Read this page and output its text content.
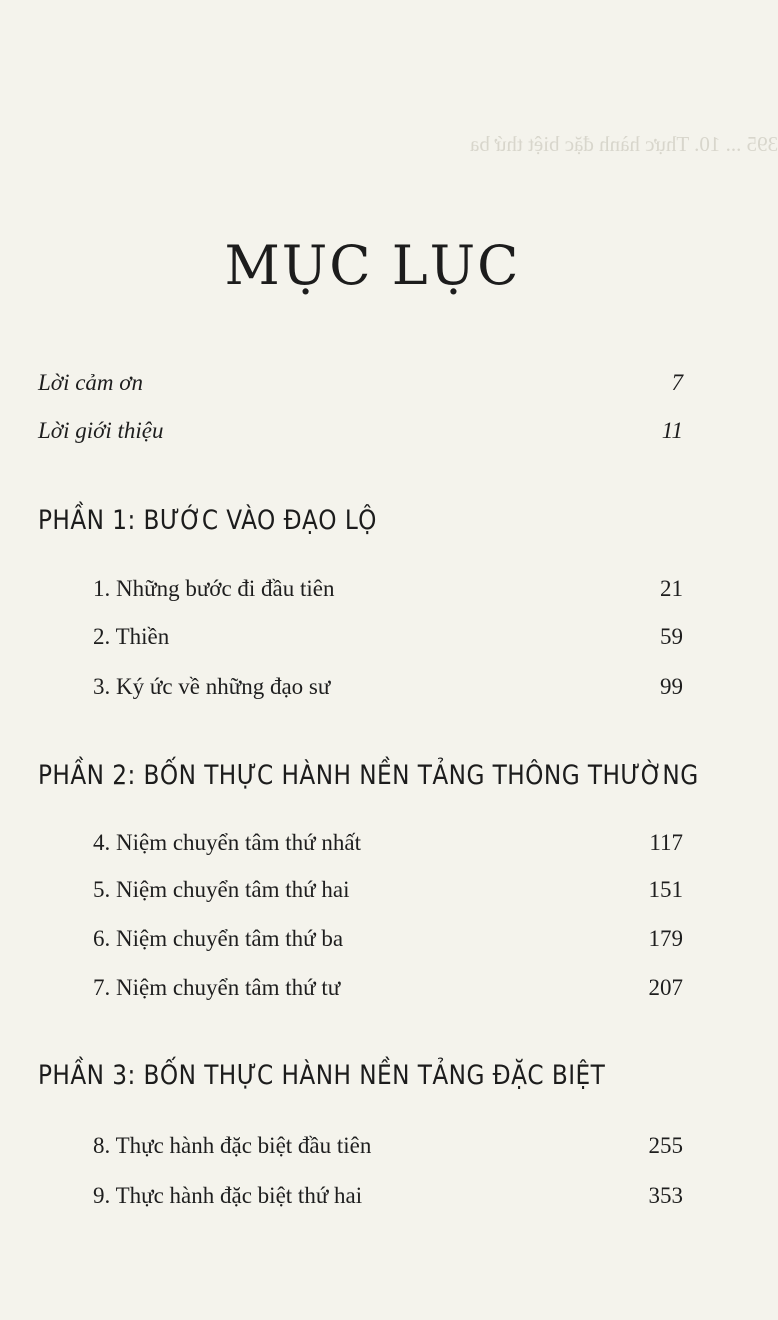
395 ... 10. Thực hành đặc biệt thứ ba
MỤC LỤC
Lời cảm ơn	7
Lời giới thiệu	11
PHẦN 1: BƯỚC VÀO ĐẠO LỘ
1. Những bước đi đầu tiên	21
2. Thiền	59
3. Ký ức về những đạo sư	99
PHẦN 2: BỐN THỰC HÀNH NỀN TẢNG THÔNG THƯỜNG
4. Niệm chuyển tâm thứ nhất	117
5. Niệm chuyển tâm thứ hai	151
6. Niệm chuyển tâm thứ ba	179
7. Niệm chuyển tâm thứ tư	207
PHẦN 3: BỐN THỰC HÀNH NỀN TẢNG ĐẶC BIỆT
8. Thực hành đặc biệt đầu tiên	255
9. Thực hành đặc biệt thứ hai	353
